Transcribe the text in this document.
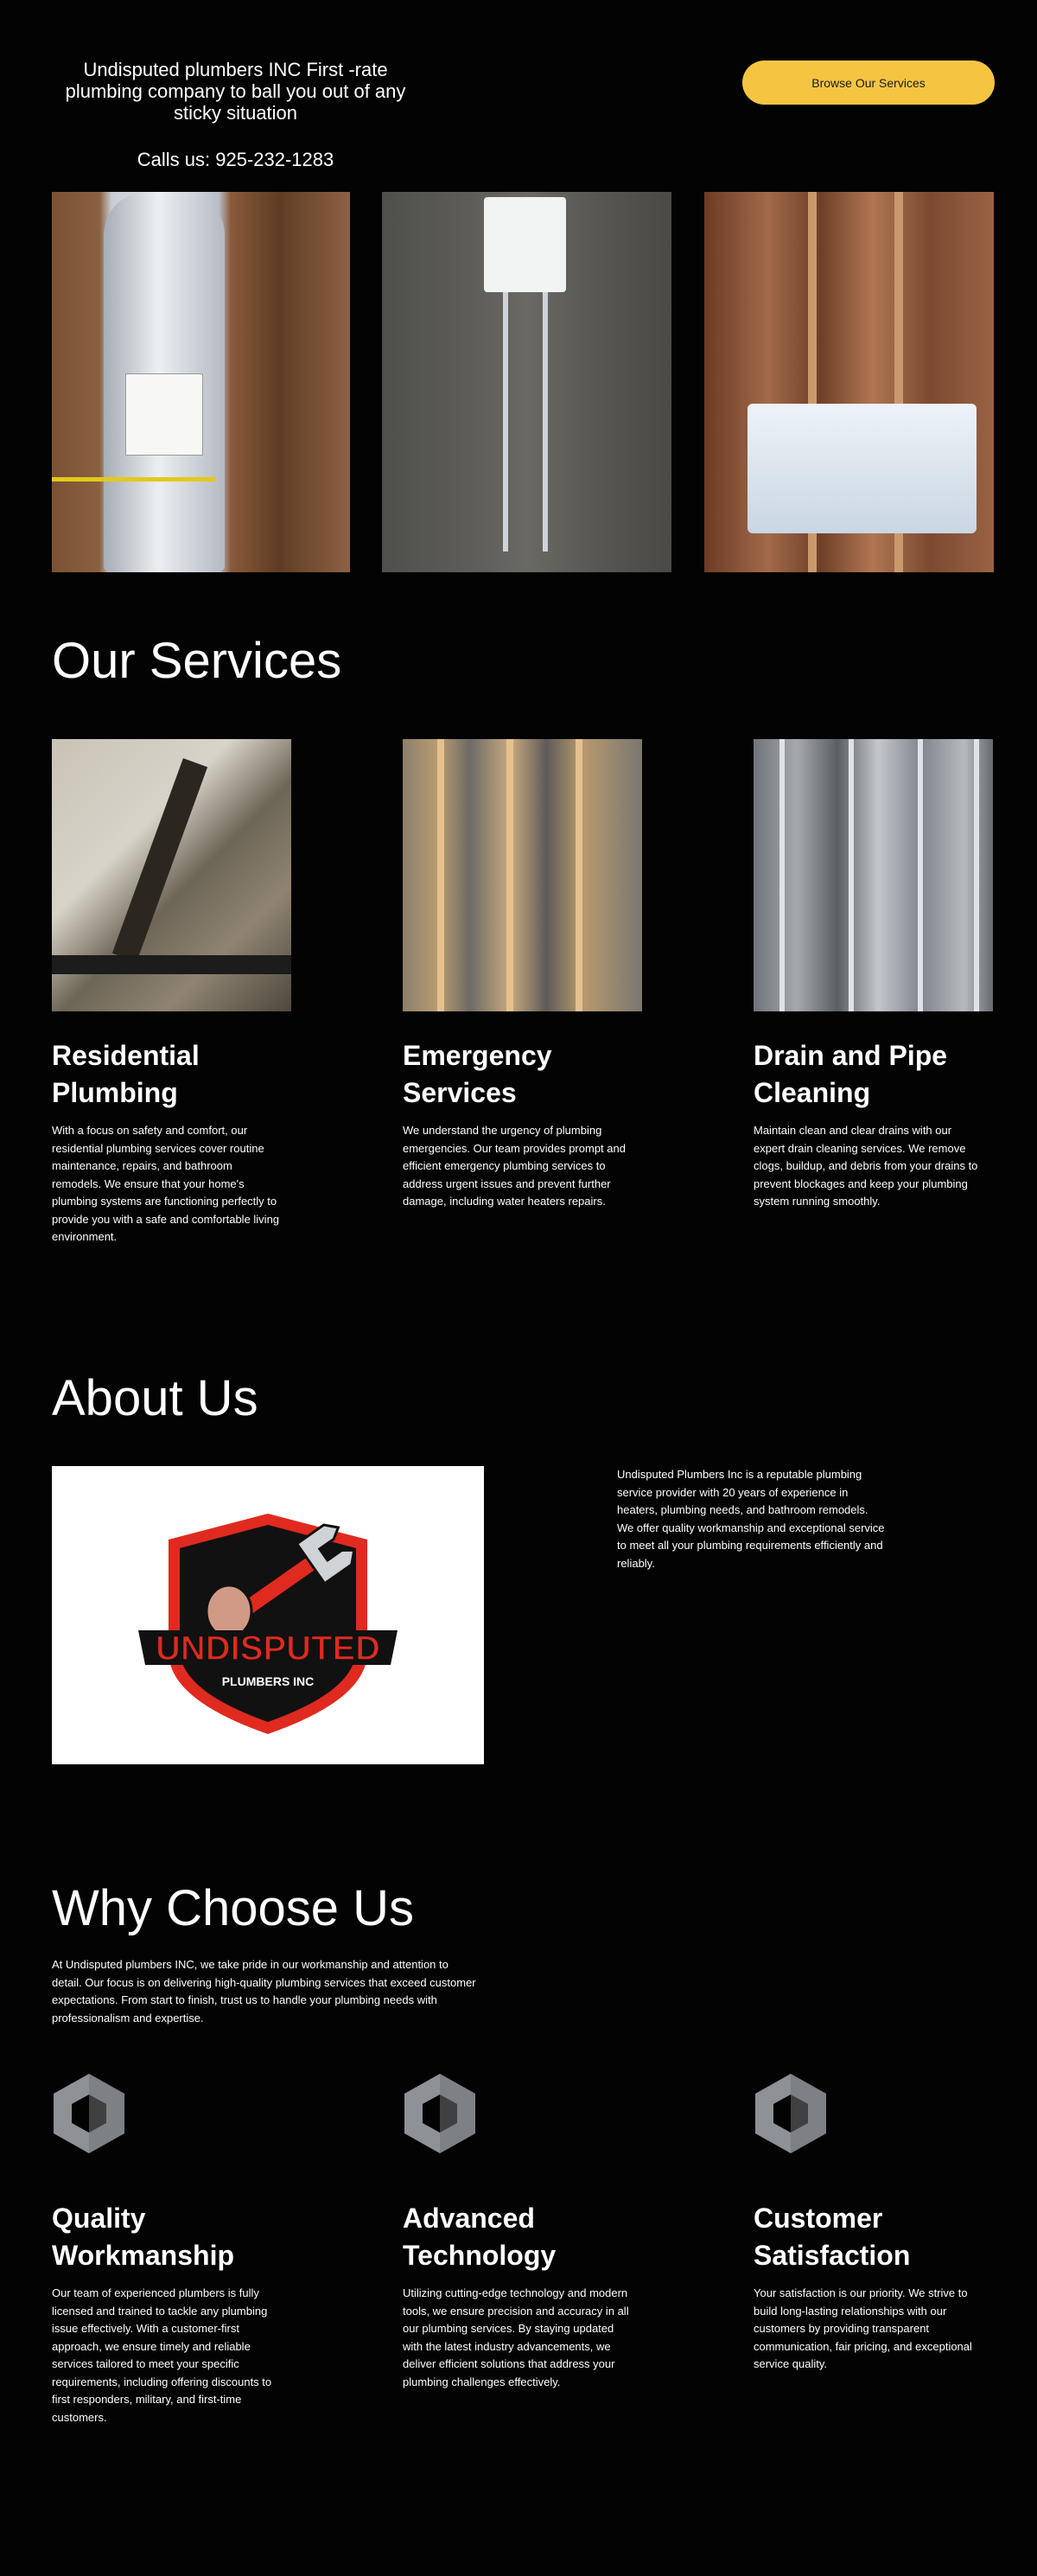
Undisputed plumbers INC First -rate plumbing company to ball you out of any sticky situation

Calls us: 925-232-1283

Browse Our Services
Our Services
Residential Plumbing
Emergency Services
Drain and Pipe Cleaning

With a focus on safety and comfort, our residential plumbing services cover routine maintenance, repairs, and bathroom remodels. We ensure that your home's plumbing systems are functioning perfectly to provide you with a safe and comfortable living environment.

We understand the urgency of plumbing emergencies. Our team provides prompt and efficient emergency plumbing services to address urgent issues and prevent further damage, including water heaters repairs.

Maintain clean and clear drains with our expert drain cleaning services. We remove clogs, buildup, and debris from your drains to prevent blockages and keep your plumbing system running smoothly.

About Us
UNDISPUTED
PLUMBERS INC

Undisputed Plumbers Inc is a reputable plumbing service provider with 20 years of experience in heaters, plumbing needs, and bathroom remodels. We offer quality workmanship and exceptional service to meet all your plumbing requirements efficiently and reliably.

Why Choose Us

At Undisputed plumbers INC, we take pride in our workmanship and attention to detail. Our focus is on delivering high-quality plumbing services that exceed customer expectations. From start to finish, trust us to handle your plumbing needs with professionalism and expertise.

Quality Workmanship
Advanced Technology
Customer Satisfaction

Our team of experienced plumbers is fully licensed and trained to tackle any plumbing issue effectively. With a customer-first approach, we ensure timely and reliable services tailored to meet your specific requirements, including offering discounts to first responders, military, and first-time customers.

Utilizing cutting-edge technology and modern tools, we ensure precision and accuracy in all our plumbing services. By staying updated with the latest industry advancements, we deliver efficient solutions that address your plumbing challenges effectively.

Your satisfaction is our priority. We strive to build long-lasting relationships with our customers by providing transparent communication, fair pricing, and exceptional service quality.
